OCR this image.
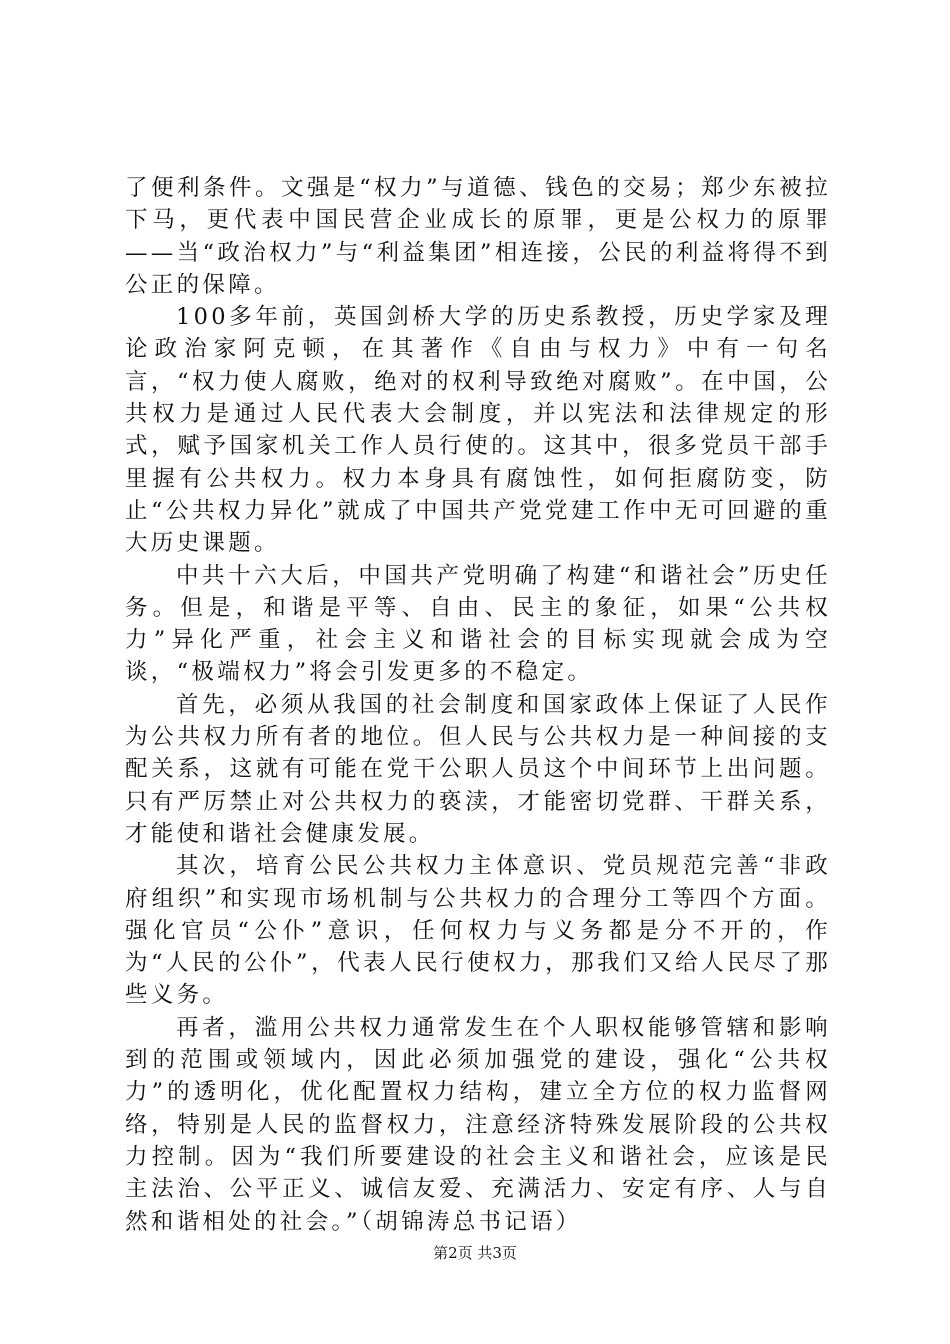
了便利条件。文强是“权力”与道德、钱色的交易；郑少东被拉下马，更代表中国民营企业成长的原罪，更是公权力的原罪——当“政治权力”与“利益集团”相连接，公民的利益将得不到公正的保障。

100多年前，英国剑桥大学的历史系教授，历史学家及理论政治家阿克顿，在其著作《自由与权力》中有一句名言，“权力使人腐败，绝对的权利导致绝对腐败”。在中国，公共权力是通过人民代表大会制度，并以宪法和法律规定的形式，赋予国家机关工作人员行使的。这其中，很多党员干部手里握有公共权力。权力本身具有腐蚀性，如何拒腐防变，防止“公共权力异化”就成了中国共产党党建工作中无可回避的重大历史课题。

中共十六大后，中国共产党明确了构建“和谐社会”历史任务。但是，和谐是平等、自由、民主的象征，如果“公共权力”异化严重，社会主义和谐社会的目标实现就会成为空谈，“极端权力”将会引发更多的不稳定。

首先，必须从我国的社会制度和国家政体上保证了人民作为公共权力所有者的地位。但人民与公共权力是一种间接的支配关系，这就有可能在党干公职人员这个中间环节上出问题。只有严厉禁止对公共权力的亵渎，才能密切党群、干群关系，才能使和谐社会健康发展。

其次，培育公民公共权力主体意识、党员规范完善“非政府组织”和实现市场机制与公共权力的合理分工等四个方面。强化官员“公仆”意识，任何权力与义务都是分不开的，作为“人民的公仆”，代表人民行使权力，那我们又给人民尽了那些义务。

再者，滥用公共权力通常发生在个人职权能够管辖和影响到的范围或领域内，因此必须加强党的建设，强化“公共权力”的透明化，优化配置权力结构，建立全方位的权力监督网络，特别是人民的监督权力，注意经济特殊发展阶段的公共权力控制。因为“我们所要建设的社会主义和谐社会，应该是民主法治、公平正义、诚信友爱、充满活力、安定有序、人与自然和谐相处的社会。”（胡锦涛总书记语）

第2页 共3页
